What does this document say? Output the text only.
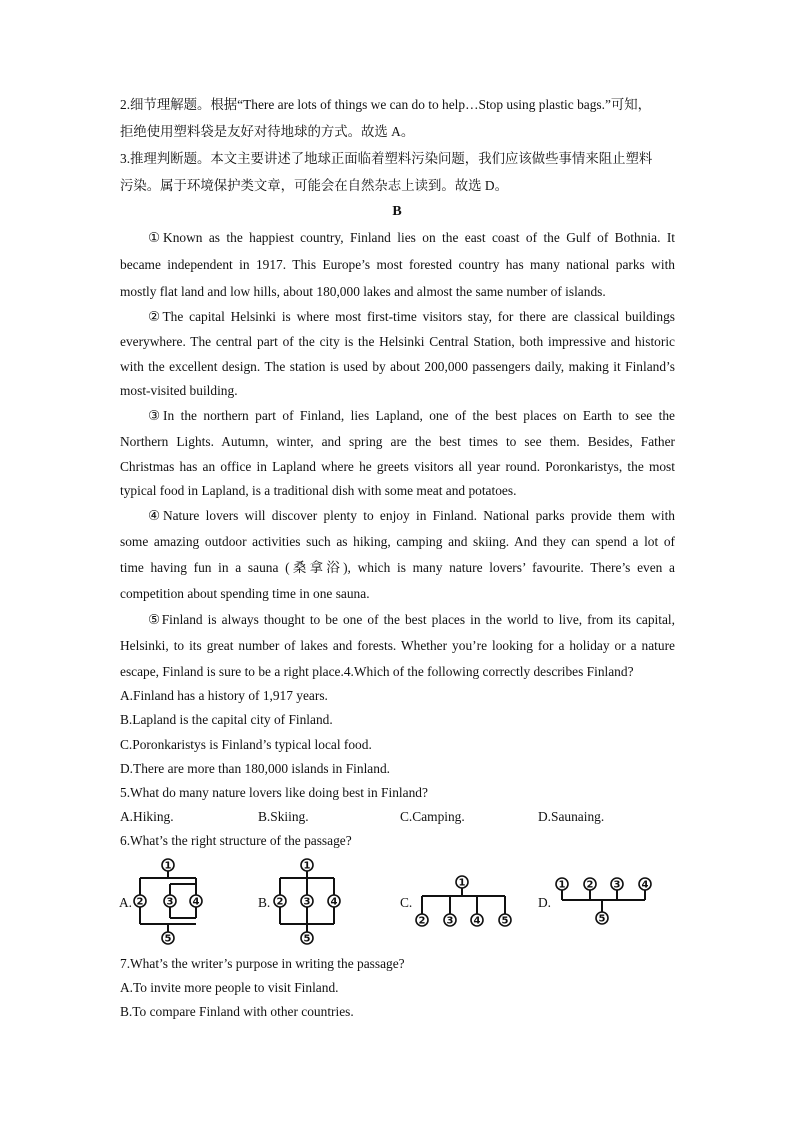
2.细节理解题。根据“There are lots of things we can do to help…Stop using plastic bags.”可知，
拒绝使用塑料袋是友好对待地球的方式。故选 A。
3.推理判断题。本文主要讲述了地球正面临着塑料污染问题，我们应该做些事情来阻止塑料
污染。属于环境保护类文章，可能会在自然杂志上读到。故选 D。
B
①Known as the happiest country, Finland lies on the east coast of the Gulf of Bothnia. It
became independent in 1917. This Europe’s most forested country has many national parks with
mostly flat land and low hills, about 180,000 lakes and almost the same number of islands.
②The capital Helsinki is where most first-time visitors stay, for there are classical buildings
everywhere. The central part of the city is the Helsinki Central Station, both impressive and historic
with the excellent design. The station is used by about 200,000 passengers daily, making it Finland’s
most-visited building.
③In the northern part of Finland, lies Lapland, one of the best places on Earth to see the
Northern Lights. Autumn, winter, and spring are the best times to see them. Besides, Father
Christmas has an office in Lapland where he greets visitors all year round. Poronkaristys, the most
typical food in Lapland, is a traditional dish with some meat and potatoes.
④Nature lovers will discover plenty to enjoy in Finland. National parks provide them with
some amazing outdoor activities such as hiking, camping and skiing. And they can spend a lot of
time having fun in a sauna (桑拿浴), which is many nature lovers’ favourite. There’s even a
competition about spending time in one sauna.
⑤Finland is always thought to be one of the best places in the world to live, from its capital,
Helsinki, to its great number of lakes and forests. Whether you’re looking for a holiday or a nature
escape, Finland is sure to be a right place.4.Which of the following correctly describes Finland?
A.Finland has a history of 1,917 years.
B.Lapland is the capital city of Finland.
C.Poronkaristys is Finland’s typical local food.
D.There are more than 180,000 islands in Finland.
5.What do many nature lovers like doing best in Finland?
A.Hiking.	B.Skiing.	C.Camping.	D.Saunaing.
6.What’s the right structure of the passage?
A.
1
2 3 4
5
B.
1
2 3 4
5
C.
1
2 3 4 5
D.
1 2 3 4
5
7.What’s the writer’s purpose in writing the passage?
A.To invite more people to visit Finland.
B.To compare Finland with other countries.
